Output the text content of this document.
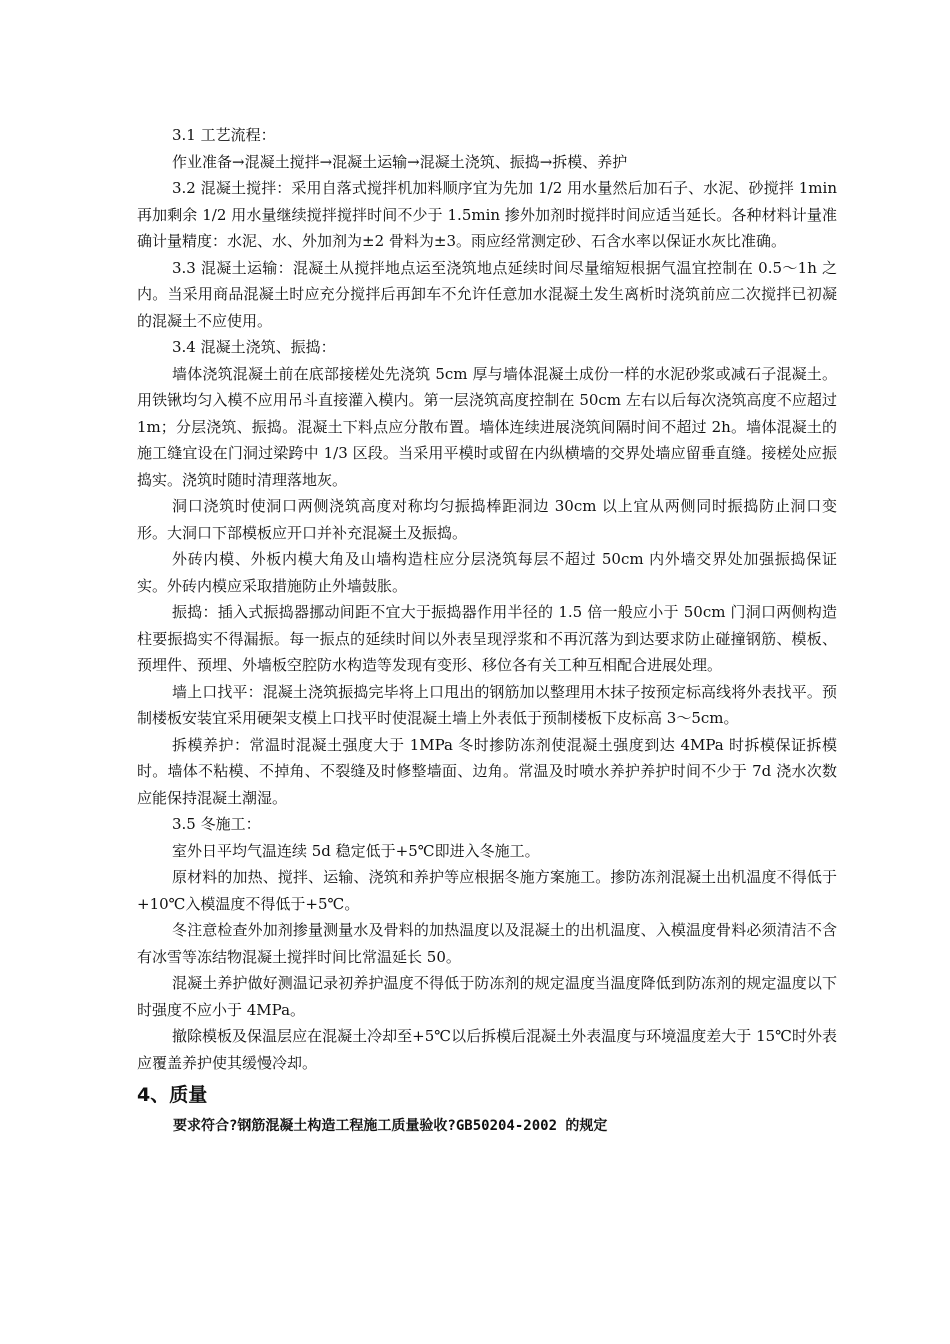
3.1 工艺流程：

作业准备→混凝土搅拌→混凝土运输→混凝土浇筑、振捣→拆模、养护

3.2 混凝土搅拌：采用自落式搅拌机加料顺序宜为先加 1/2 用水量然后加石子、水泥、砂搅拌 1min 再加剩余 1/2 用水量继续搅拌搅拌时间不少于 1.5min 掺外加剂时搅拌时间应适当延长。各种材料计量准确计量精度：水泥、水、外加剂为±2 骨料为±3。雨应经常测定砂、石含水率以保证水灰比准确。

3.3 混凝土运输：混凝土从搅拌地点运至浇筑地点延续时间尽量缩短根据气温宜控制在 0.5～1h 之内。当采用商品混凝土时应充分搅拌后再卸车不允许任意加水混凝土发生离析时浇筑前应二次搅拌已初凝的混凝土不应使用。

3.4 混凝土浇筑、振捣：

墙体浇筑混凝土前在底部接槎处先浇筑 5cm 厚与墙体混凝土成份一样的水泥砂浆或减石子混凝土。用铁锹均匀入模不应用吊斗直接灌入模内。第一层浇筑高度控制在 50cm 左右以后每次浇筑高度不应超过 1m；分层浇筑、振捣。混凝土下料点应分散布置。墙体连续进展浇筑间隔时间不超过 2h。墙体混凝土的施工缝宜设在门洞过梁跨中 1/3 区段。当采用平模时或留在内纵横墙的交界处墙应留垂直缝。接槎处应振捣实。浇筑时随时清理落地灰。

洞口浇筑时使洞口两侧浇筑高度对称均匀振捣棒距洞边 30cm 以上宜从两侧同时振捣防止洞口变形。大洞口下部模板应开口并补充混凝土及振捣。

外砖内模、外板内模大角及山墙构造柱应分层浇筑每层不超过 50cm 内外墙交界处加强振捣保证实。外砖内模应采取措施防止外墙鼓胀。

振捣：插入式振捣器挪动间距不宜大于振捣器作用半径的 1.5 倍一般应小于 50cm 门洞口两侧构造柱要振捣实不得漏振。每一振点的延续时间以外表呈现浮浆和不再沉落为到达要求防止碰撞钢筋、模板、预埋件、预埋、外墙板空腔防水构造等发现有变形、移位各有关工种互相配合进展处理。

墙上口找平：混凝土浇筑振捣完毕将上口甩出的钢筋加以整理用木抹子按预定标高线将外表找平。预制楼板安装宜采用硬架支模上口找平时使混凝土墙上外表低于预制楼板下皮标高 3～5cm。

拆模养护：常温时混凝土强度大于 1MPa 冬时掺防冻剂使混凝土强度到达 4MPa 时拆模保证拆模时。墙体不粘模、不掉角、不裂缝及时修整墙面、边角。常温及时喷水养护养护时间不少于 7d 浇水次数应能保持混凝土潮湿。

3.5 冬施工：

室外日平均气温连续 5d 稳定低于+5℃即进入冬施工。

原材料的加热、搅拌、运输、浇筑和养护等应根据冬施方案施工。掺防冻剂混凝土出机温度不得低于+10℃入模温度不得低于+5℃。

冬注意检查外加剂掺量测量水及骨料的加热温度以及混凝土的出机温度、入模温度骨料必须清洁不含有冰雪等冻结物混凝土搅拌时间比常温延长 50。

混凝土养护做好测温记录初养护温度不得低于防冻剂的规定温度当温度降低到防冻剂的规定温度以下时强度不应小于 4MPa。

撤除模板及保温层应在混凝土冷却至+5℃以后拆模后混凝土外表温度与环境温度差大于 15℃时外表应覆盖养护使其缓慢冷却。

4、质量

要求符合?钢筋混凝土构造工程施工质量验收?GB50204-2002 的规定
